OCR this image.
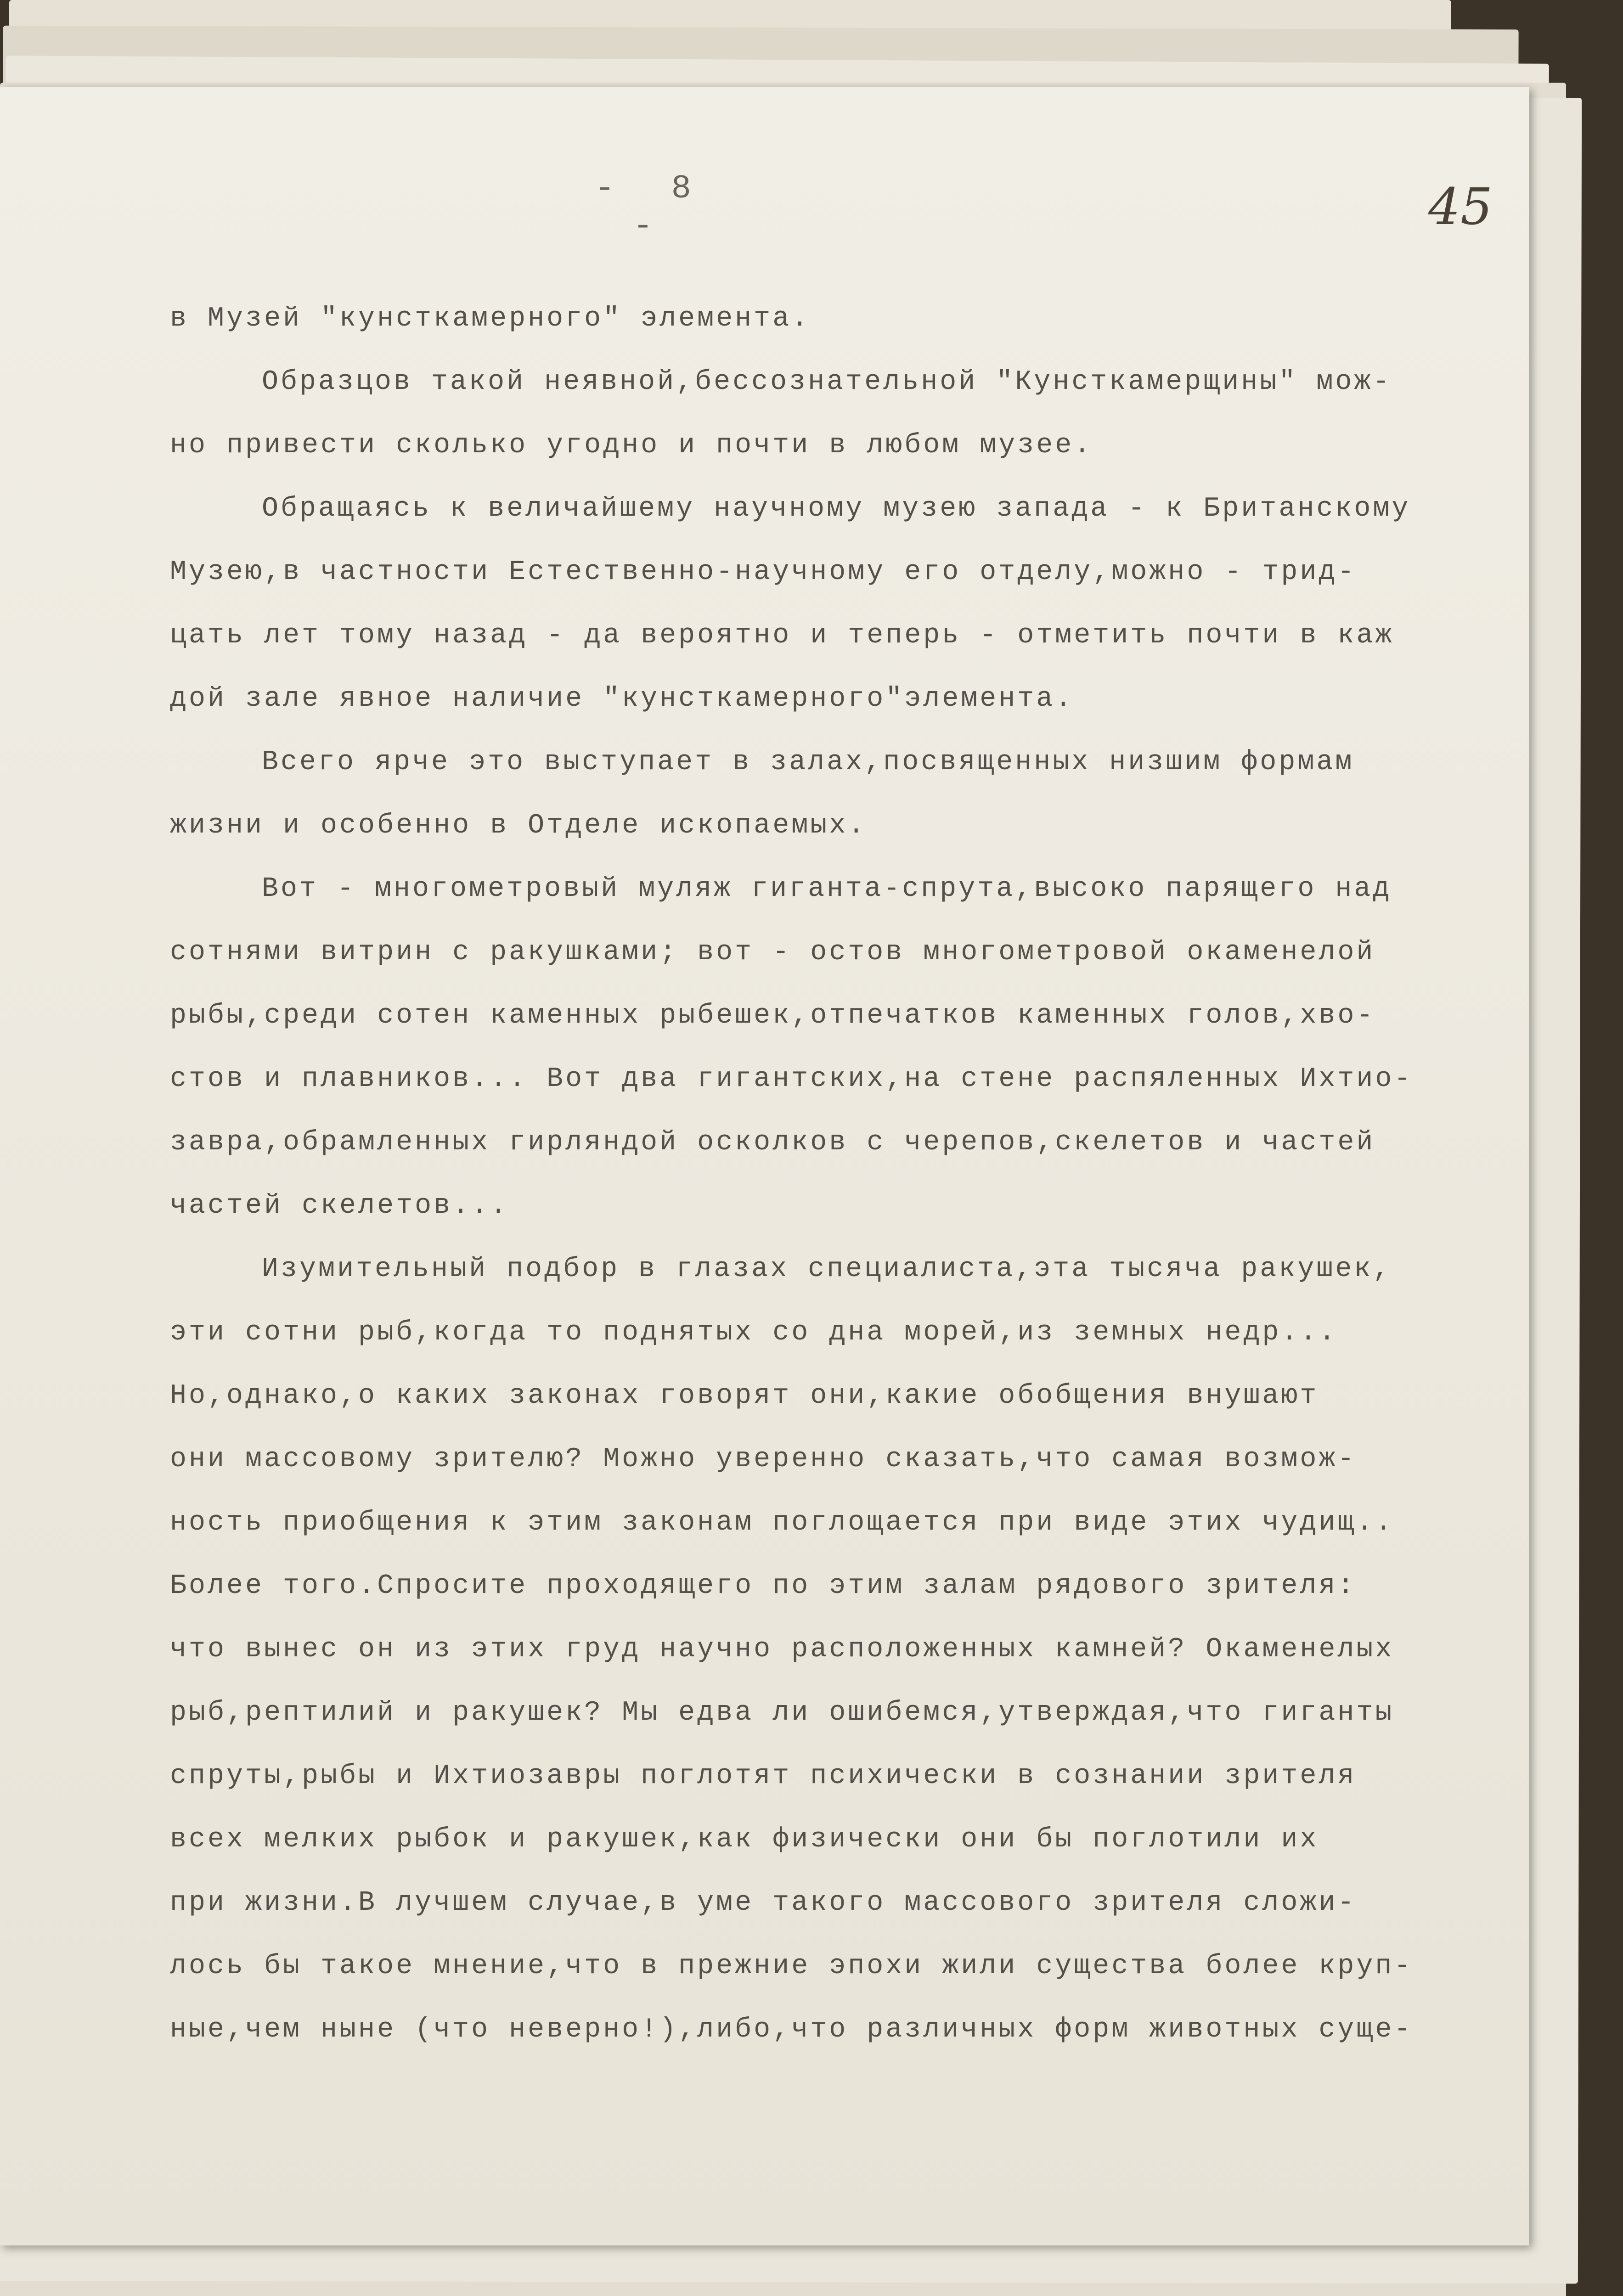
- 8 -	45
в Музей "кунсткамерного" элемента.
Образцов такой неявной,бессознательной "Кунсткамерщины" мож-
но привести сколько угодно и почти в любом музее.
Обращаясь к величайшему научному музею запада - к Британскому
Музею,в частности Естественно-научному его отделу,можно - трид-
цать лет тому назад - да вероятно и теперь - отметить почти в каж
дой зале явное наличие "кунсткамерного"элемента.
Всего ярче это выступает в залах,посвященных низшим формам
жизни и особенно в Отделе ископаемых.
Вот - многометровый муляж гиганта-спрута,высоко парящего над
сотнями витрин с ракушками; вот - остов многометровой окаменелой
рыбы,среди сотен каменных рыбешек,отпечатков каменных голов,хво-
стов и плавников... Вот два гигантских,на стене распяленных Ихтио-
завра,обрамленных гирляндой осколков с черепов,скелетов и частей
частей скелетов...
Изумительный подбор в глазах специалиста,эта тысяча ракушек,
эти сотни рыб,когда то поднятых со дна морей,из земных недр...
Но,однако,о каких законах говорят они,какие обобщения внушают
они массовому зрителю? Можно уверенно сказать,что самая возмож-
ность приобщения к этим законам поглощается при виде этих чудищ..
Более того.Спросите проходящего по этим залам рядового зрителя:
что вынес он из этих груд научно расположенных камней? Окаменелых
рыб,рептилий и ракушек? Мы едва ли ошибемся,утверждая,что гиганты
спруты,рыбы и Ихтиозавры поглотят психически в сознании зрителя
всех мелких рыбок и ракушек,как физически они бы поглотили их
при жизни.В лучшем случае,в уме такого массового зрителя сложи-
лось бы такое мнение,что в прежние эпохи жили существа более круп-
ные,чем ныне (что неверно!),либо,что различных форм животных суще-
